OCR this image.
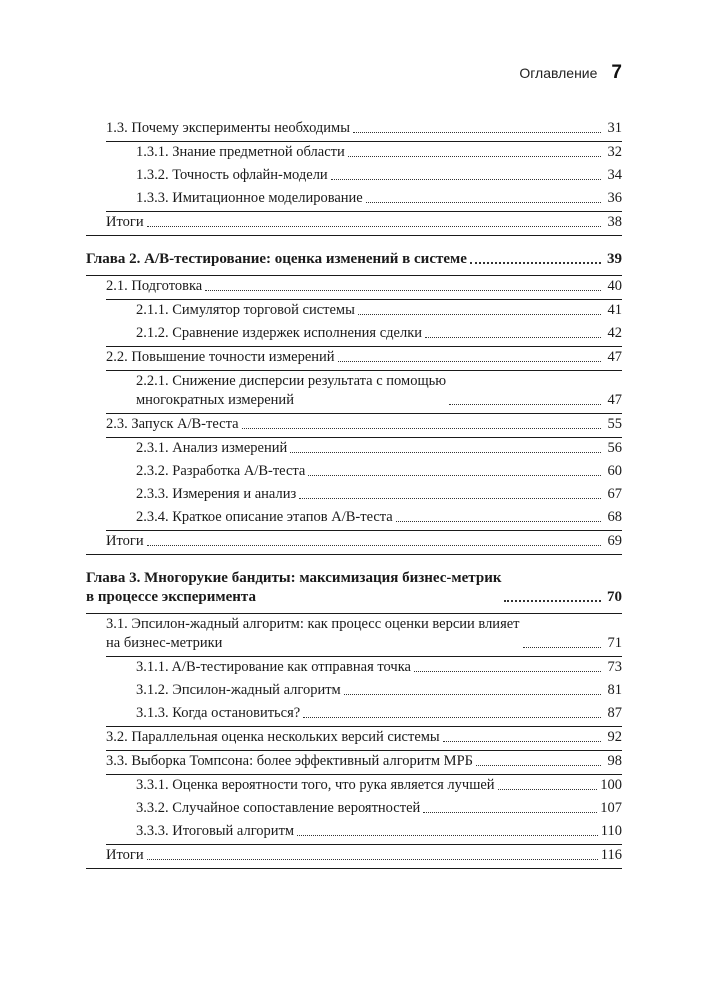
Оглавление 7
1.3. Почему эксперименты необходимы	31
1.3.1. Знание предметной области	32
1.3.2. Точность офлайн-модели	34
1.3.3. Имитационное моделирование	36
Итоги	38
Глава 2. A/B-тестирование: оценка изменений в системе	39
2.1. Подготовка	40
2.1.1. Симулятор торговой системы	41
2.1.2. Сравнение издержек исполнения сделки	42
2.2. Повышение точности измерений	47
2.2.1. Снижение дисперсии результата с помощью
многократных измерений	47
2.3. Запуск A/B-теста	55
2.3.1. Анализ измерений	56
2.3.2. Разработка A/B-теста	60
2.3.3. Измерения и анализ	67
2.3.4. Краткое описание этапов A/B-теста	68
Итоги	69
Глава 3. Многорукие бандиты: максимизация бизнес-метрик
в процессе эксперимента	70
3.1. Эпсилон-жадный алгоритм: как процесс оценки версии влияет
на бизнес-метрики	71
3.1.1. A/B-тестирование как отправная точка	73
3.1.2. Эпсилон-жадный алгоритм	81
3.1.3. Когда остановиться?	87
3.2. Параллельная оценка нескольких версий системы	92
3.3. Выборка Томпсона: более эффективный алгоритм МРБ	98
3.3.1. Оценка вероятности того, что рука является лучшей	100
3.3.2. Случайное сопоставление вероятностей	107
3.3.3. Итоговый алгоритм	110
Итоги	116
